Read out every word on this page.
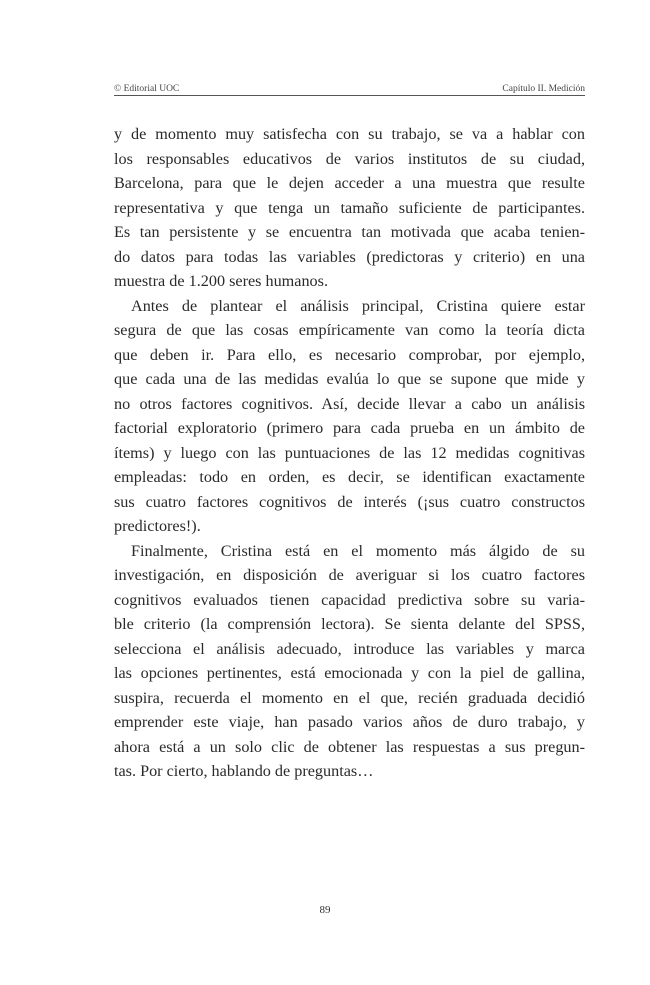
© Editorial UOC	Capítulo II. Medición

y de momento muy satisfecha con su trabajo, se va a hablar con
los responsables educativos de varios institutos de su ciudad,
Barcelona, para que le dejen acceder a una muestra que resulte
representativa y que tenga un tamaño suficiente de participantes.
Es tan persistente y se encuentra tan motivada que acaba tenien-
do datos para todas las variables (predictoras y criterio) en una
muestra de 1.200 seres humanos.

Antes de plantear el análisis principal, Cristina quiere estar
segura de que las cosas empíricamente van como la teoría dicta
que deben ir. Para ello, es necesario comprobar, por ejemplo,
que cada una de las medidas evalúa lo que se supone que mide y
no otros factores cognitivos. Así, decide llevar a cabo un análisis
factorial exploratorio (primero para cada prueba en un ámbito de
ítems) y luego con las puntuaciones de las 12 medidas cognitivas
empleadas: todo en orden, es decir, se identifican exactamente
sus cuatro factores cognitivos de interés (¡sus cuatro constructos
predictores!).

Finalmente, Cristina está en el momento más álgido de su
investigación, en disposición de averiguar si los cuatro factores
cognitivos evaluados tienen capacidad predictiva sobre su varia-
ble criterio (la comprensión lectora). Se sienta delante del SPSS,
selecciona el análisis adecuado, introduce las variables y marca
las opciones pertinentes, está emocionada y con la piel de gallina,
suspira, recuerda el momento en el que, recién graduada decidió
emprender este viaje, han pasado varios años de duro trabajo, y
ahora está a un solo clic de obtener las respuestas a sus pregun-
tas. Por cierto, hablando de preguntas…

89
